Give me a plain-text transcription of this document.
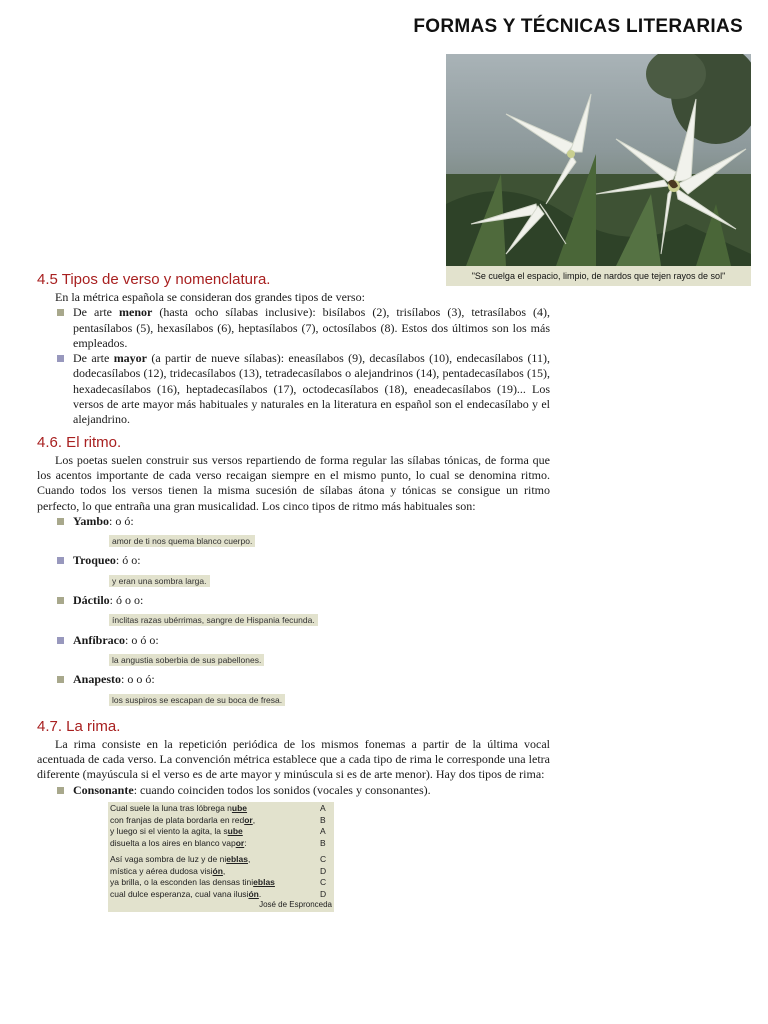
FORMAS Y TÉCNICAS LITERARIAS
"Se cuelga el espacio, limpio, de nardos que tejen rayos de sol"
4.5 Tipos de verso y nomenclatura.

En la métrica española se consideran dos grandes tipos de verso:

De arte menor (hasta ocho sílabas inclusive): bisílabos (2), trisílabos (3), tetrasílabos (4), pentasílabos (5), hexasílabos (6), heptasílabos (7), octosílabos (8). Estos dos últimos son los más empleados.
De arte mayor (a partir de nueve sílabas): eneasílabos (9), decasílabos (10), endecasílabos (11), dodecasílabos (12), tridecasílabos (13), tetradecasílabos o alejandrinos (14), pentadecasílabos (15), hexadecasílabos (16), heptadecasílabos (17), octodecasílabos (18), eneadecasílabos (19)... Los versos de arte mayor más habituales y naturales en la literatura en español son el endecasílabo y el alejandrino.
4.6. El ritmo.

Los poetas suelen construir sus versos repartiendo de forma regular las sílabas tónicas, de forma que los acentos importante de cada verso recaigan siempre en el mismo punto, lo cual se denomina ritmo. Cuando todos los versos tienen la misma sucesión de sílabas átona y tónicas se consigue un ritmo perfecto, lo que entraña una gran musicalidad. Los cinco tipos de ritmo más habituales son:

Yambo: o ó:
amor de ti nos quema blanco cuerpo.
Troqueo: ó o:
y eran una sombra larga.
Dáctilo: ó o o:
ínclitas razas ubérrimas, sangre de Hispania fecunda.
Anfíbraco: o ó o:
la angustia soberbia de sus pabellones.
Anapesto: o o ó:
los suspiros se escapan de su boca de fresa.
4.7. La rima.

La rima consiste en la repetición periódica de los mismos fonemas a partir de la última vocal acentuada de cada verso. La convención métrica establece que a cada tipo de rima le corresponde una letra diferente (mayúscula si el verso es de arte mayor y minúscula si es de arte menor). Hay dos tipos de rima:

Consonante: cuando coinciden todos los sonidos (vocales y consonantes).
Cual suele la luna tras lóbrega nube	A
con franjas de plata bordarla en redor,	B
y luego si el viento la agita, la sube	A
disuelta a los aires en blanco vapor:	B
Así vaga sombra de luz y de nieblas,	C
mística y aérea dudosa visión,	D
ya brilla, o la esconden las densas tinieblas	C
cual dulce esperanza, cual vana ilusión.	D
José de Espronceda
